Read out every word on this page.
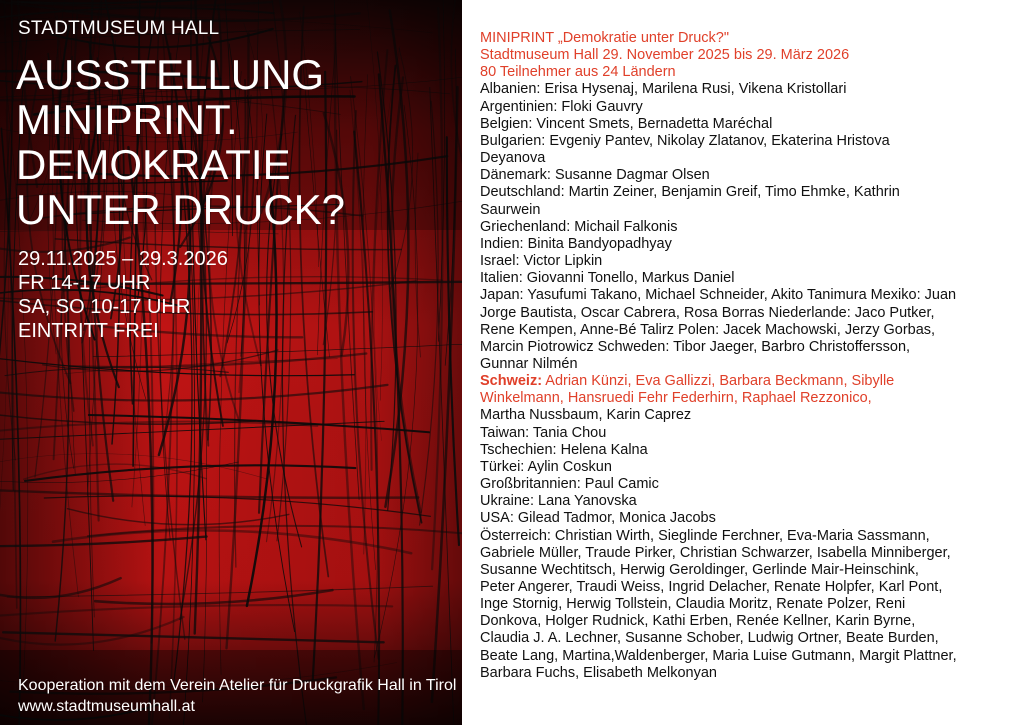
STADTMUSEUM HALL
AUSSTELLUNG
MINIPRINT.
DEMOKRATIE
UNTER DRUCK?
29.11.2025 – 29.3.2026
FR 14-17 UHR
SA, SO 10-17 UHR
EINTRITT FREI
Kooperation mit dem Verein Atelier für Druckgrafik Hall in Tirol
www.stadtmuseumhall.at
MINIPRINT „Demokratie unter Druck?"
Stadtmuseum Hall 29. November 2025 bis 29. März 2026
80 Teilnehmer aus 24 Ländern
Albanien: Erisa Hysenaj, Marilena Rusi, Vikena Kristollari
Argentinien: Floki Gauvry
Belgien: Vincent Smets, Bernadetta Maréchal
Bulgarien: Evgeniy Pantev, Nikolay Zlatanov, Ekaterina Hristova
Deyanova
Dänemark: Susanne Dagmar Olsen
Deutschland: Martin Zeiner, Benjamin Greif, Timo Ehmke, Kathrin
Saurwein
Griechenland: Michail Falkonis
Indien: Binita Bandyopadhyay
Israel: Victor Lipkin
Italien: Giovanni Tonello, Markus Daniel
Japan: Yasufumi Takano, Michael Schneider, Akito Tanimura Mexiko: Juan
Jorge Bautista, Oscar Cabrera, Rosa Borras Niederlande: Jaco Putker,
Rene Kempen, Anne-Bé Talirz Polen: Jacek Machowski, Jerzy Gorbas,
Marcin Piotrowicz Schweden: Tibor Jaeger, Barbro Christoffersson,
Gunnar Nilmén
Schweiz: Adrian Künzi, Eva Gallizzi, Barbara Beckmann, Sibylle
Winkelmann, Hansruedi Fehr Federhirn, Raphael Rezzonico,
Martha Nussbaum, Karin Caprez
Taiwan: Tania Chou
Tschechien: Helena Kalna
Türkei: Aylin Coskun
Großbritannien: Paul Camic
Ukraine: Lana Yanovska
USA: Gilead Tadmor, Monica Jacobs
Österreich: Christian Wirth, Sieglinde Ferchner, Eva-Maria Sassmann,
Gabriele Müller, Traude Pirker, Christian Schwarzer, Isabella Minniberger,
Susanne Wechtitsch, Herwig Geroldinger, Gerlinde Mair-Heinschink,
Peter Angerer, Traudi Weiss, Ingrid Delacher, Renate Holpfer, Karl Pont,
Inge Stornig, Herwig Tollstein, Claudia Moritz, Renate Polzer, Reni
Donkova, Holger Rudnick, Kathi Erben, Renée Kellner, Karin Byrne,
Claudia J. A. Lechner, Susanne Schober, Ludwig Ortner, Beate Burden,
Beate Lang, Martina,Waldenberger, Maria Luise Gutmann, Margit Plattner,
Barbara Fuchs, Elisabeth Melkonyan
